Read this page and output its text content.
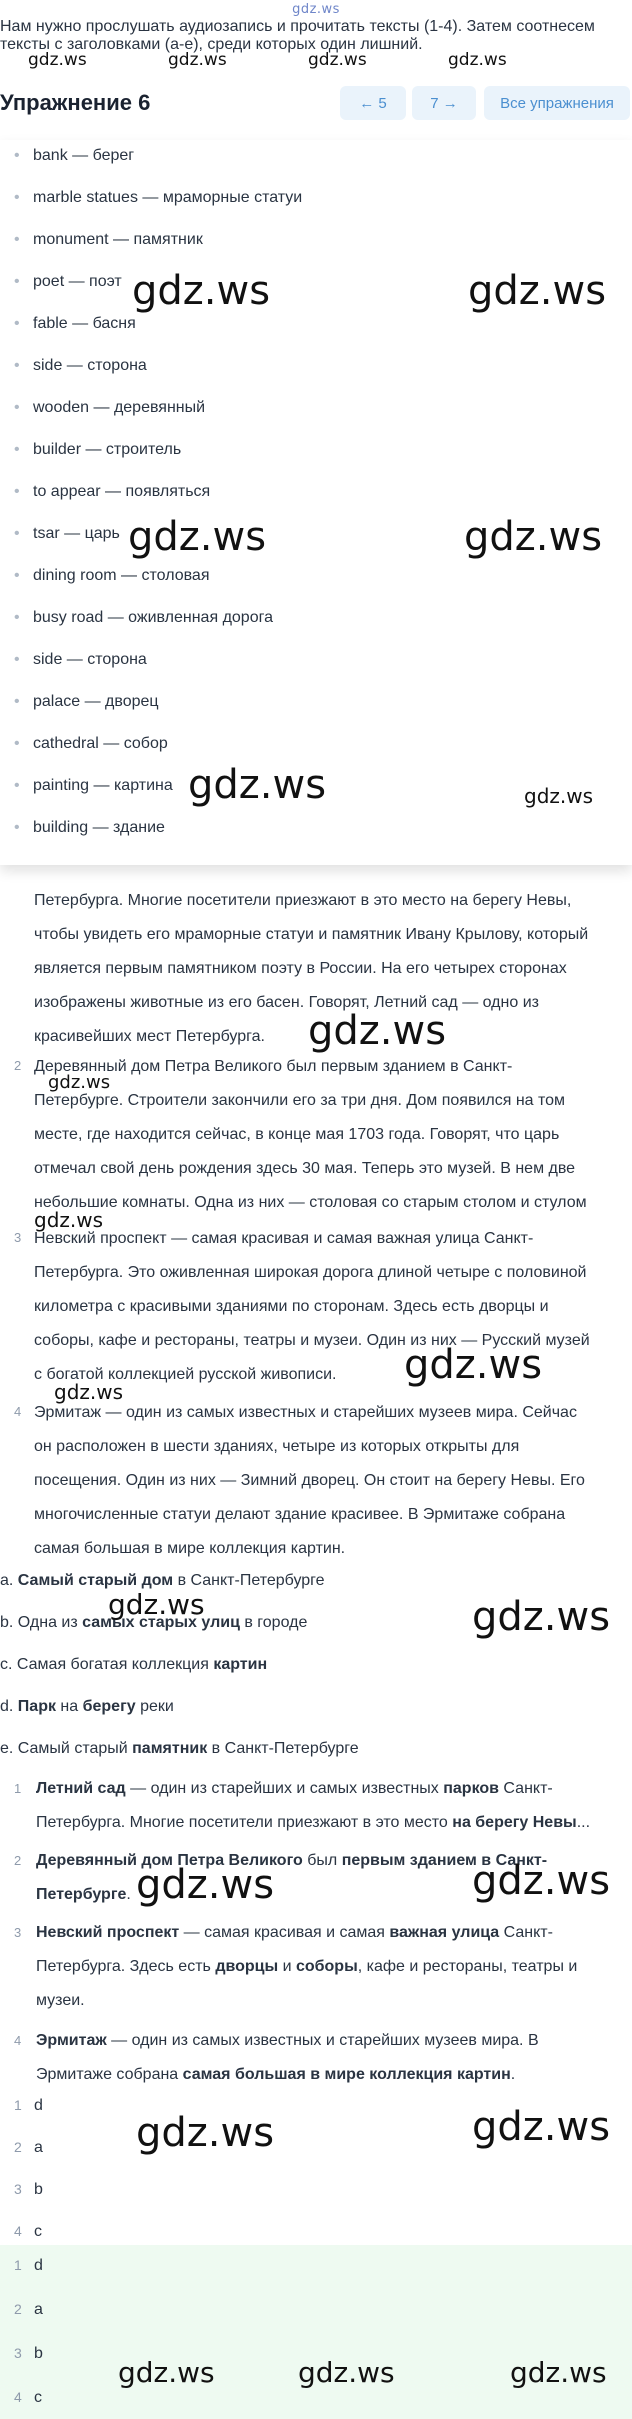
gdz.ws
Нам нужно прослушать аудиозапись и прочитать тексты (1-4). Затем соотнесем
тексты с заголовками (a-e), среди которых один лишний.
gdz.ws	gdz.ws	gdz.ws	gdz.ws
Упражнение 6	← 5	7 →	Все упражнения
• bank — берег
• marble statues — мраморные статуи
• monument — памятник
• poet — поэт
• fable — басня
• side — сторона
• wooden — деревянный
• builder — строитель
• to appear — появляться
• tsar — царь
• dining room — столовая
• busy road — оживленная дорога
• side — сторона
• palace — дворец
• cathedral — собор
• painting — картина
• building — здание
gdz.ws	gdz.ws
gdz.ws	gdz.ws
gdz.ws	gdz.ws
Петербурга. Многие посетители приезжают в это место на берегу Невы,
чтобы увидеть его мраморные статуи и памятник Ивану Крылову, который
является первым памятником поэту в России. На его четырех сторонах
изображены животные из его басен. Говорят, Летний сад — одно из
красивейших мест Петербурга.	gdz.ws
2 Деревянный дом Петра Великого был первым зданием в Санкт-
Петербурге. Строители закончили его за три дня. Дом появился на том
месте, где находится сейчас, в конце мая 1703 года. Говорят, что царь
отмечал свой день рождения здесь 30 мая. Теперь это музей. В нем две
небольшие комнаты. Одна из них — столовая со старым столом и стулом
gdz.ws
3 Невский проспект — самая красивая и самая важная улица Санкт-
Петербурга. Это оживленная широкая дорога длиной четыре с половиной
километра с красивыми зданиями по сторонам. Здесь есть дворцы и
соборы, кафе и рестораны, театры и музеи. Один из них — Русский музей
с богатой коллекцией русской живописи.
gdz.ws
gdz.ws
gdz.ws
4 Эрмитаж — один из самых известных и старейших музеев мира. Сейчас
он расположен в шести зданиях, четыре из которых открыты для
посещения. Один из них — Зимний дворец. Он стоит на берегу Невы. Его
многочисленные статуи делают здание красивее. В Эрмитаже собрана
самая большая в мире коллекция картин.
a. Самый старый дом в Санкт-Петербурге
b. Одна из самых старых улиц в городе
c. Самая богатая коллекция картин
d. Парк на берегу реки
e. Самый старый памятник в Санкт-Петербурге
gdz.ws	gdz.ws
1 Летний сад — один из старейших и самых известных парков Санкт-
Петербурга. Многие посетители приезжают в это место на берегу Невы...
2 Деревянный дом Петра Великого был первым зданием в Санкт-
Петербурге. gdz.ws	gdz.ws
3 Невский проспект — самая красивая и самая важная улица Санкт-
Петербурга. Здесь есть дворцы и соборы, кафе и рестораны, театры и
музеи.
4 Эрмитаж — один из самых известных и старейших музеев мира. В
Эрмитаже собрана самая большая в мире коллекция картин.
1 d
2 a
3 b
4 c
gdz.ws	gdz.ws
1 d
2 a
3 b
4 c
gdz.ws	gdz.ws	gdz.ws
